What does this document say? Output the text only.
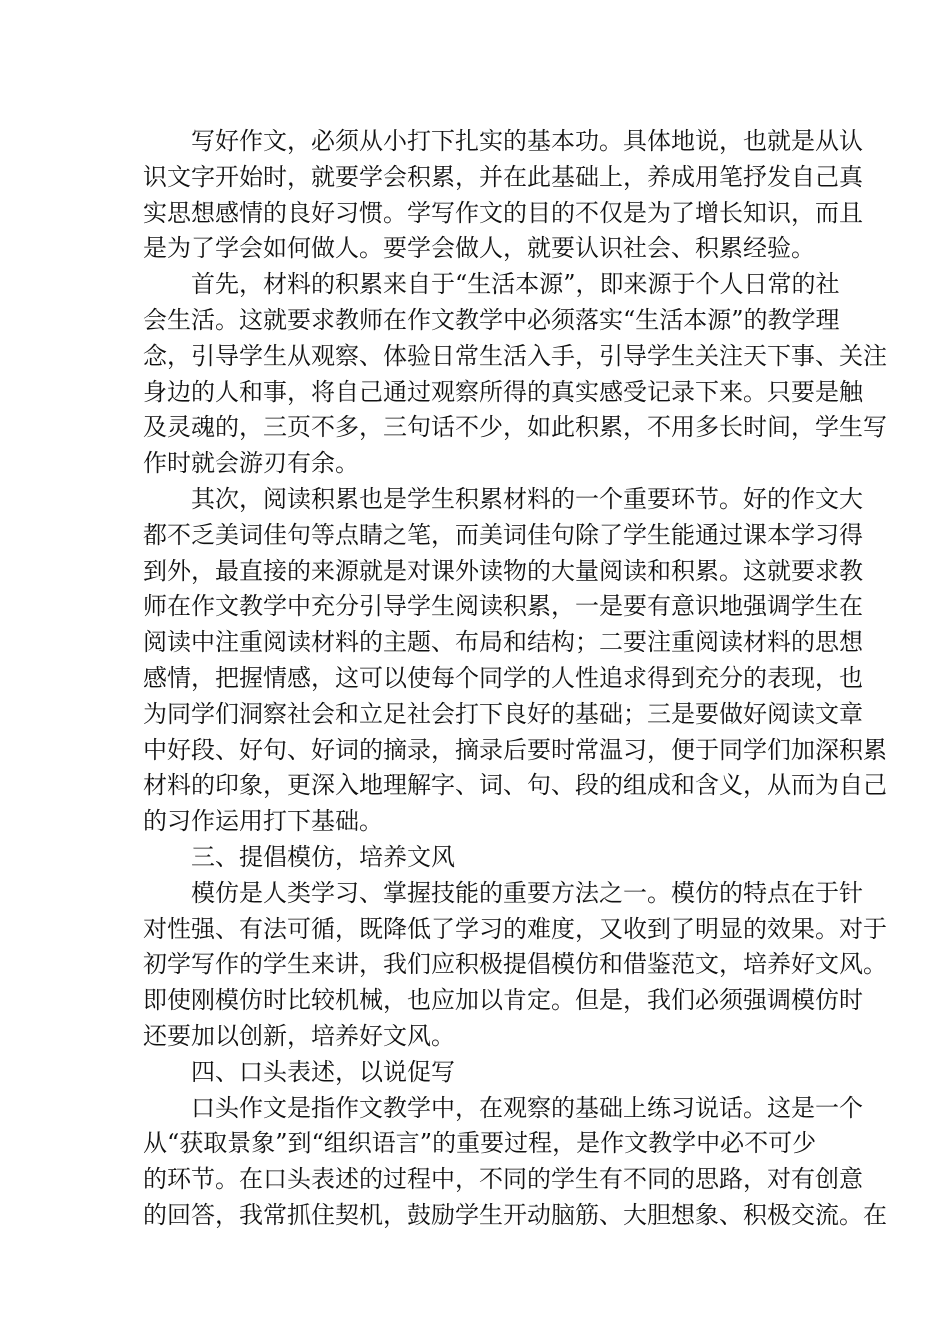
写好作文，必须从小打下扎实的基本功。具体地说，也就是从认
识文字开始时，就要学会积累，并在此基础上，养成用笔抒发自己真
实思想感情的良好习惯。学写作文的目的不仅是为了增长知识，而且
是为了学会如何做人。要学会做人，就要认识社会、积累经验。
首先，材料的积累来自于“生活本源”，即来源于个人日常的社
会生活。这就要求教师在作文教学中必须落实“生活本源”的教学理
念，引导学生从观察、体验日常生活入手，引导学生关注天下事、关注
身边的人和事，将自己通过观察所得的真实感受记录下来。只要是触
及灵魂的，三页不多，三句话不少，如此积累，不用多长时间，学生写
作时就会游刃有余。
其次，阅读积累也是学生积累材料的一个重要环节。好的作文大
都不乏美词佳句等点睛之笔，而美词佳句除了学生能通过课本学习得
到外，最直接的来源就是对课外读物的大量阅读和积累。这就要求教
师在作文教学中充分引导学生阅读积累，一是要有意识地强调学生在
阅读中注重阅读材料的主题、布局和结构；二要注重阅读材料的思想
感情，把握情感，这可以使每个同学的人性追求得到充分的表现，也
为同学们洞察社会和立足社会打下良好的基础；三是要做好阅读文章
中好段、好句、好词的摘录，摘录后要时常温习，便于同学们加深积累
材料的印象，更深入地理解字、词、句、段的组成和含义，从而为自己
的习作运用打下基础。
三、提倡模仿，培养文风
模仿是人类学习、掌握技能的重要方法之一。模仿的特点在于针
对性强、有法可循，既降低了学习的难度，又收到了明显的效果。对于
初学写作的学生来讲，我们应积极提倡模仿和借鉴范文，培养好文风。
即使刚模仿时比较机械，也应加以肯定。但是，我们必须强调模仿时
还要加以创新，培养好文风。
四、口头表述，以说促写
口头作文是指作文教学中，在观察的基础上练习说话。这是一个
从“获取景象”到“组织语言”的重要过程，是作文教学中必不可少
的环节。在口头表述的过程中，不同的学生有不同的思路，对有创意
的回答，我常抓住契机，鼓励学生开动脑筋、大胆想象、积极交流。在
